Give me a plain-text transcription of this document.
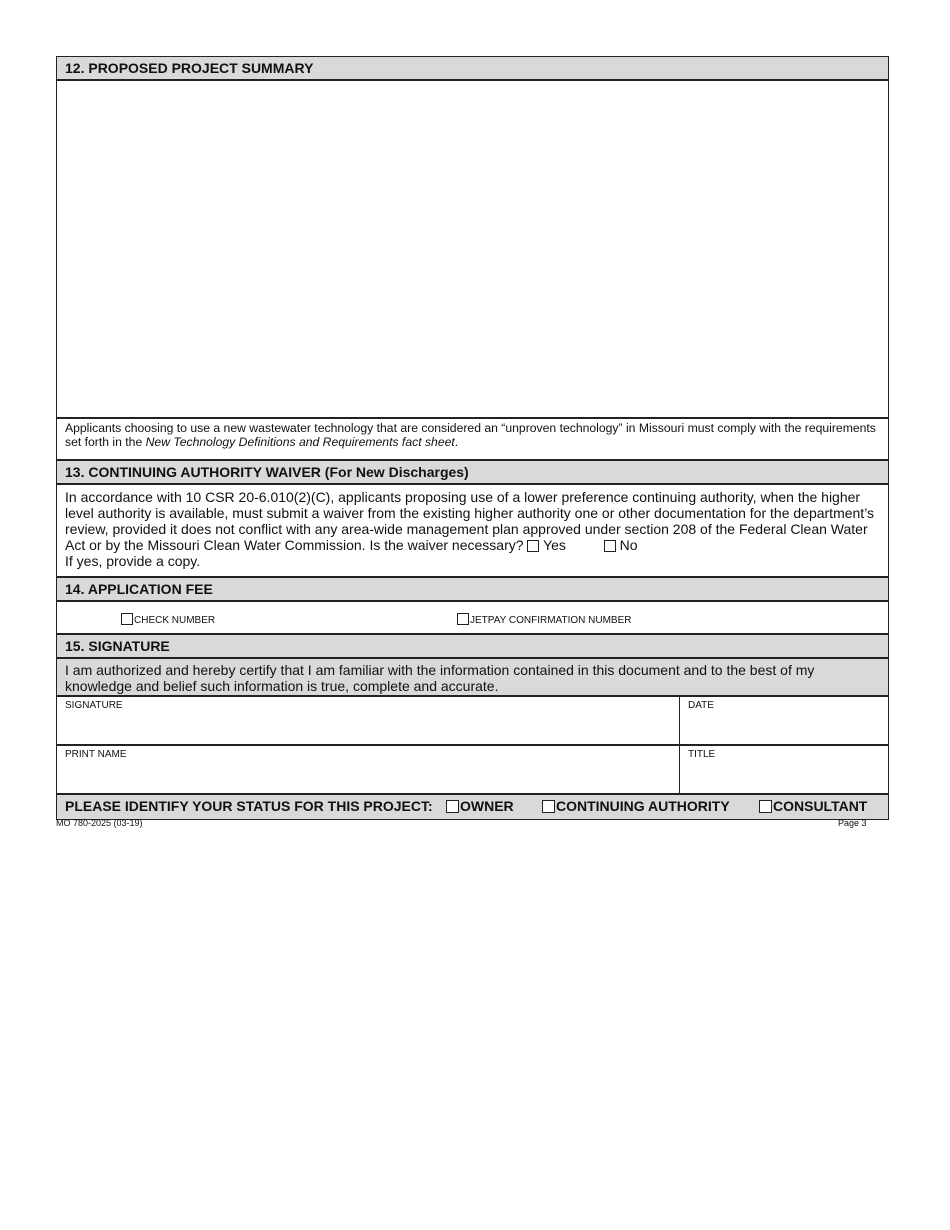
12. PROPOSED PROJECT SUMMARY
Applicants choosing to use a new wastewater technology that are considered an “unproven technology” in Missouri must comply with the requirements set forth in the New Technology Definitions and Requirements fact sheet.
13. CONTINUING AUTHORITY WAIVER (For New Discharges)
In accordance with 10 CSR 20-6.010(2)(C), applicants proposing use of a lower preference continuing authority, when the higher level authority is available, must submit a waiver from the existing higher authority one or other documentation for the department’s review, provided it does not conflict with any area-wide management plan approved under section 208 of the Federal Clean Water Act or by the Missouri Clean Water Commission. Is the waiver necessary? Yes	No
If yes, provide a copy.
14. APPLICATION FEE
CHECK NUMBER	JETPAY CONFIRMATION NUMBER
15. SIGNATURE
I am authorized and hereby certify that I am familiar with the information contained in this document and to the best of my knowledge and belief such information is true, complete and accurate.
SIGNATURE	DATE
PRINT NAME	TITLE
PLEASE IDENTIFY YOUR STATUS FOR THIS PROJECT:	OWNER	CONTINUING AUTHORITY	CONSULTANT
MO 780-2025 (03-19)	Page 3
